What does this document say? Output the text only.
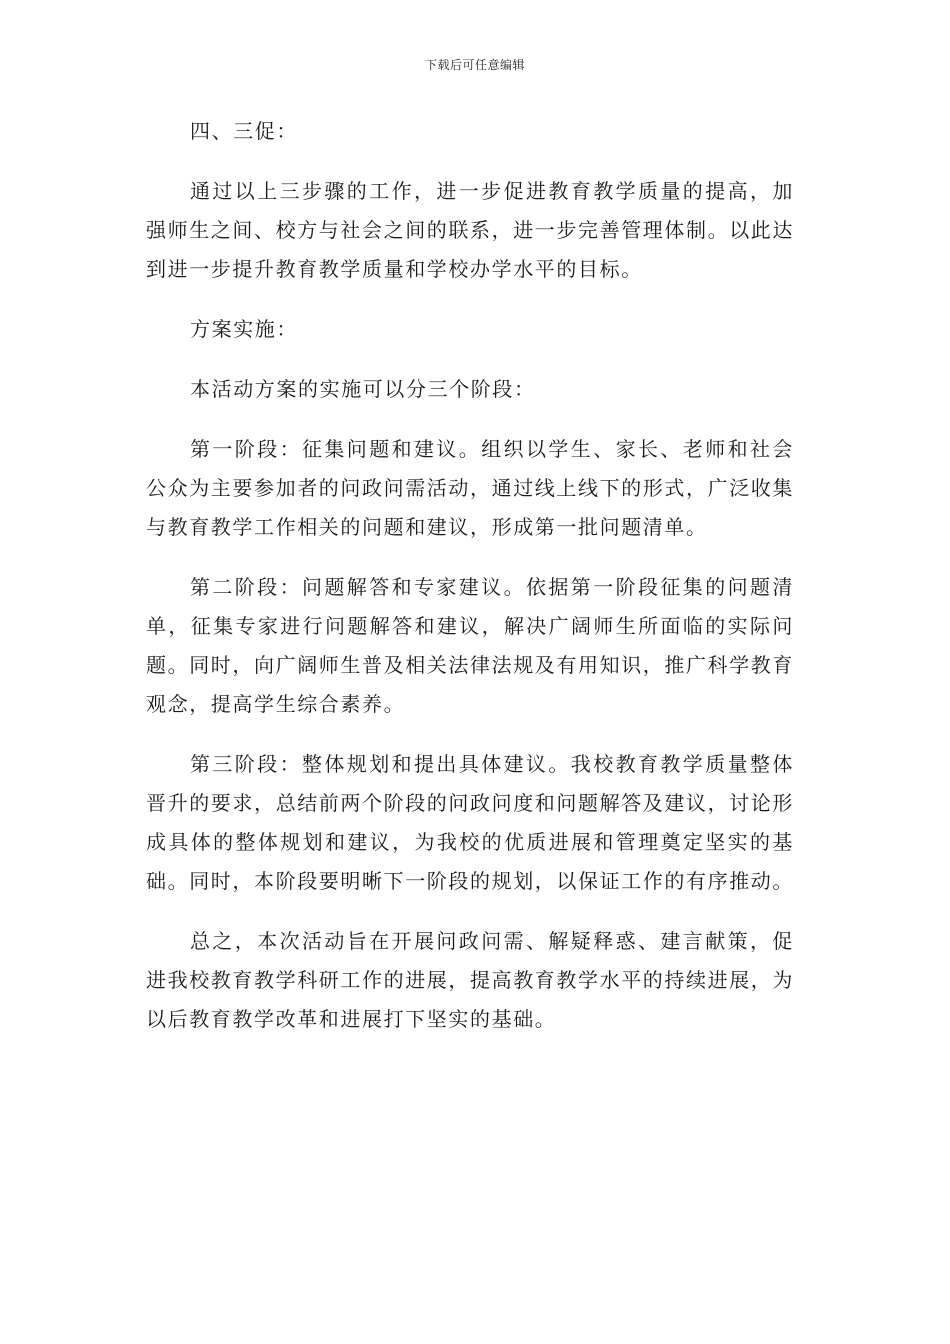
下载后可任意编辑

四、三促：

通过以上三步骤的工作，进一步促进教育教学质量的提高，加强师生之间、校方与社会之间的联系，进一步完善管理体制。以此达到进一步提升教育教学质量和学校办学水平的目标。

方案实施：

本活动方案的实施可以分三个阶段：

第一阶段：征集问题和建议。组织以学生、家长、老师和社会公众为主要参加者的问政问需活动，通过线上线下的形式，广泛收集与教育教学工作相关的问题和建议，形成第一批问题清单。

第二阶段：问题解答和专家建议。依据第一阶段征集的问题清单，征集专家进行问题解答和建议，解决广阔师生所面临的实际问题。同时，向广阔师生普及相关法律法规及有用知识，推广科学教育观念，提高学生综合素养。

第三阶段：整体规划和提出具体建议。我校教育教学质量整体晋升的要求，总结前两个阶段的问政问度和问题解答及建议，讨论形成具体的整体规划和建议，为我校的优质进展和管理奠定坚实的基础。同时，本阶段要明晰下一阶段的规划，以保证工作的有序推动。

总之，本次活动旨在开展问政问需、解疑释惑、建言献策，促进我校教育教学科研工作的进展，提高教育教学水平的持续进展，为以后教育教学改革和进展打下坚实的基础。
